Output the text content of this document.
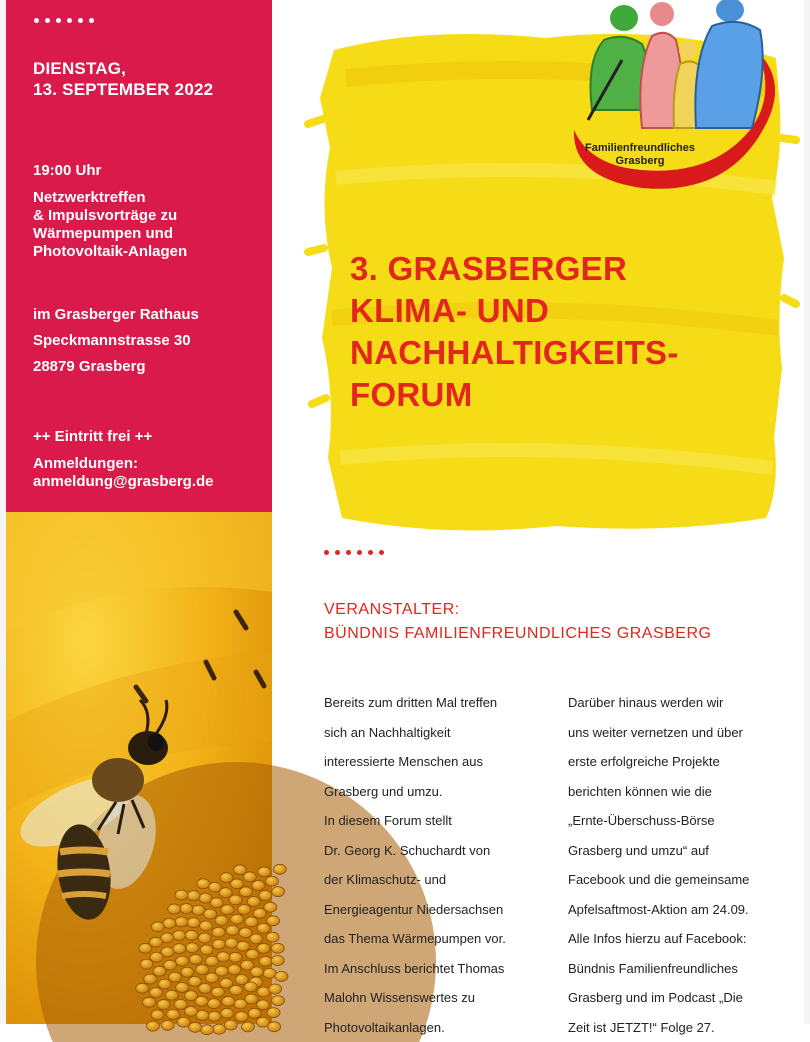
DIENSTAG,
13. SEPTEMBER 2022
19:00 Uhr
Netzwerktreffen
& Impulsvorträge zu
Wärmepumpen und
Photovoltaik-Anlagen
im Grasberger Rathaus
Speckmannstrasse 30
28879 Grasberg
++ Eintritt frei ++
Anmeldungen:
anmeldung@grasberg.de
Familienfreundliches
Grasberg
3. GRASBERGER
KLIMA- UND
NACHHALTIGKEITS-
FORUM
VERANSTALTER:
BÜNDNIS FAMILIENFREUNDLICHES GRASBERG
Bereits zum dritten Mal treffen
sich an Nachhaltigkeit
interessierte Menschen aus
Grasberg und umzu.
In diesem Forum stellt
Dr. Georg K. Schuchardt von
der Klimaschutz- und
Energieagentur Niedersachsen
das Thema Wärmepumpen vor.
Im Anschluss berichtet Thomas
Malohn Wissenswertes zu
Photovoltaikanlagen.
Darüber hinaus werden wir
uns weiter vernetzen und über
erste erfolgreiche Projekte
berichten können wie die
„Ernte-Überschuss-Börse
Grasberg und umzu“ auf
Facebook und die gemeinsame
Apfelsaftmost-Aktion am 24.09.
Alle Infos hierzu auf Facebook:
Bündnis Familienfreundliches
Grasberg und im Podcast „Die
Zeit ist JETZT!“ Folge 27.
